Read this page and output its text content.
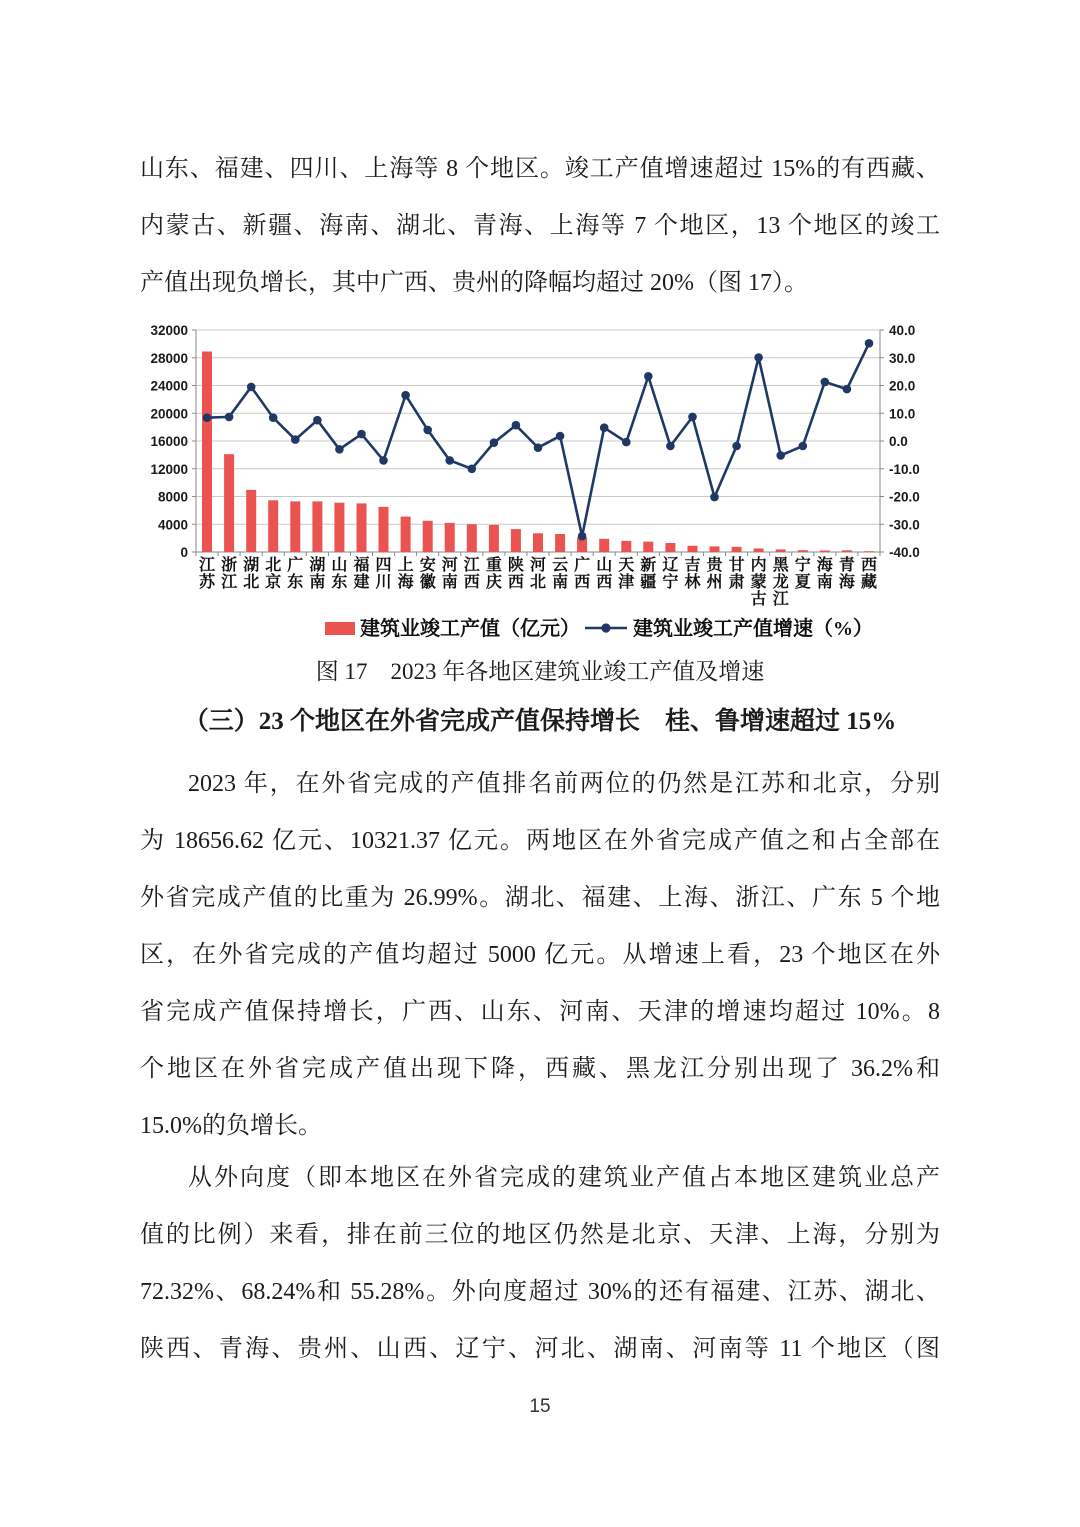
山东、福建、四川、上海等 8 个地区。竣工产值增速超过 15%的有西藏、
内蒙古、新疆、海南、湖北、青海、上海等 7 个地区，13 个地区的竣工
产值出现负增长，其中广西、贵州的降幅均超过 20%（图 17）。
0
4000
8000
12000
16000
20000
24000
28000
32000
-40.0
-30.0
-20.0
-10.0
0.0
10.0
20.0
30.0
40.0
江
苏
浙
江
湖
北
北
京
广
东
湖
南
山
东
福
建
四
川
上
海
安
徽
河
南
江
西
重
庆
陕
西
河
北
云
南
广
西
山
西
天
津
新
疆
辽
宁
吉
林
贵
州
甘
肃
内
蒙
古
黑
龙
江
宁
夏
海
南
青
海
西
藏
建筑业竣工产值（亿元）	建筑业竣工产值增速（%）
图 17　2023 年各地区建筑业竣工产值及增速
（三）23 个地区在外省完成产值保持增长　桂、鲁增速超过 15%
2023 年，在外省完成的产值排名前两位的仍然是江苏和北京，分别
为 18656.62 亿元、10321.37 亿元。两地区在外省完成产值之和占全部在
外省完成产值的比重为 26.99%。湖北、福建、上海、浙江、广东 5 个地
区，在外省完成的产值均超过 5000 亿元。从增速上看，23 个地区在外
省完成产值保持增长，广西、山东、河南、天津的增速均超过 10%。8
个地区在外省完成产值出现下降，西藏、黑龙江分别出现了 36.2%和
15.0%的负增长。
从外向度（即本地区在外省完成的建筑业产值占本地区建筑业总产
值的比例）来看，排在前三位的地区仍然是北京、天津、上海，分别为
72.32%、68.24%和 55.28%。外向度超过 30%的还有福建、江苏、湖北、
陕西、青海、贵州、山西、辽宁、河北、湖南、河南等 11 个地区（图
15
